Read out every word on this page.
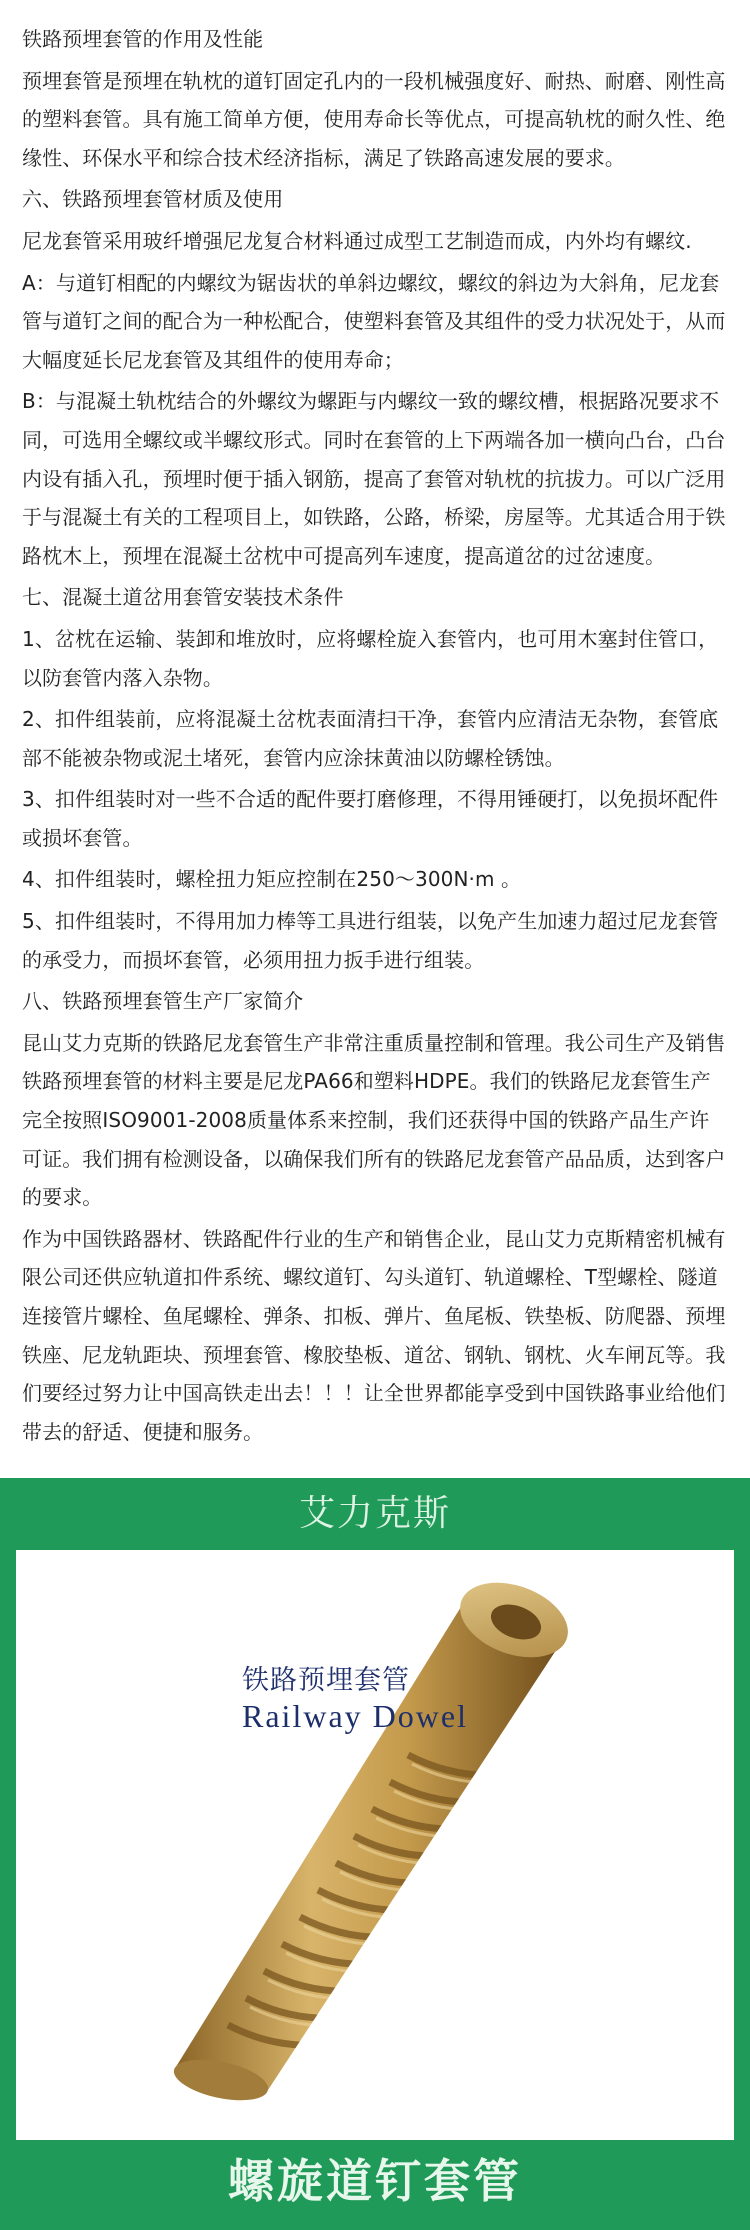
铁路预埋套管的作用及性能

预埋套管是预埋在轨枕的道钉固定孔内的一段机械强度好、耐热、耐磨、刚性高的塑料套管。具有施工简单方便，使用寿命长等优点，可提高轨枕的耐久性、绝缘性、环保水平和综合技术经济指标，满足了铁路高速发展的要求。

六、铁路预埋套管材质及使用

尼龙套管采用玻纤增强尼龙复合材料通过成型工艺制造而成，内外均有螺纹.

A：与道钉相配的内螺纹为锯齿状的单斜边螺纹，螺纹的斜边为大斜角，尼龙套管与道钉之间的配合为一种松配合，使塑料套管及其组件的受力状况处于，从而大幅度延长尼龙套管及其组件的使用寿命；

B：与混凝土轨枕结合的外螺纹为螺距与内螺纹一致的螺纹槽，根据路况要求不同，可选用全螺纹或半螺纹形式。同时在套管的上下两端各加一横向凸台，凸台内设有插入孔，预埋时便于插入钢筋，提高了套管对轨枕的抗拔力。可以广泛用于与混凝土有关的工程项目上，如铁路，公路，桥梁，房屋等。尤其适合用于铁路枕木上，预埋在混凝土岔枕中可提高列车速度，提高道岔的过岔速度。

七、混凝土道岔用套管安装技术条件

1、岔枕在运输、装卸和堆放时，应将螺栓旋入套管内，也可用木塞封住管口，以防套管内落入杂物。

2、扣件组装前，应将混凝土岔枕表面清扫干净，套管内应清洁无杂物，套管底部不能被杂物或泥土堵死，套管内应涂抹黄油以防螺栓锈蚀。

3、扣件组装时对一些不合适的配件要打磨修理，不得用锤硬打，以免损坏配件或损坏套管。

4、扣件组装时，螺栓扭力矩应控制在250～300N·m 。

5、扣件组装时，不得用加力棒等工具进行组装，以免产生加速力超过尼龙套管的承受力，而损坏套管，必须用扭力扳手进行组装。

八、铁路预埋套管生产厂家简介

昆山艾力克斯的铁路尼龙套管生产非常注重质量控制和管理。我公司生产及销售铁路预埋套管的材料主要是尼龙PA66和塑料HDPE。我们的铁路尼龙套管生产完全按照ISO9001-2008质量体系来控制，我们还获得中国的铁路产品生产许可证。我们拥有检测设备，以确保我们所有的铁路尼龙套管产品品质，达到客户的要求。

作为中国铁路器材、铁路配件行业的生产和销售企业，昆山艾力克斯精密机械有限公司还供应轨道扣件系统、螺纹道钉、勾头道钉、轨道螺栓、T型螺栓、隧道连接管片螺栓、鱼尾螺栓、弹条、扣板、弹片、鱼尾板、铁垫板、防爬器、预埋铁座、尼龙轨距块、预埋套管、橡胶垫板、道岔、钢轨、钢枕、火车闸瓦等。我们要经过努力让中国高铁走出去！！！让全世界都能享受到中国铁路事业给他们带去的舒适、便捷和服务。

艾力克斯
铁路预埋套管
Railway Dowel
螺旋道钉套管
